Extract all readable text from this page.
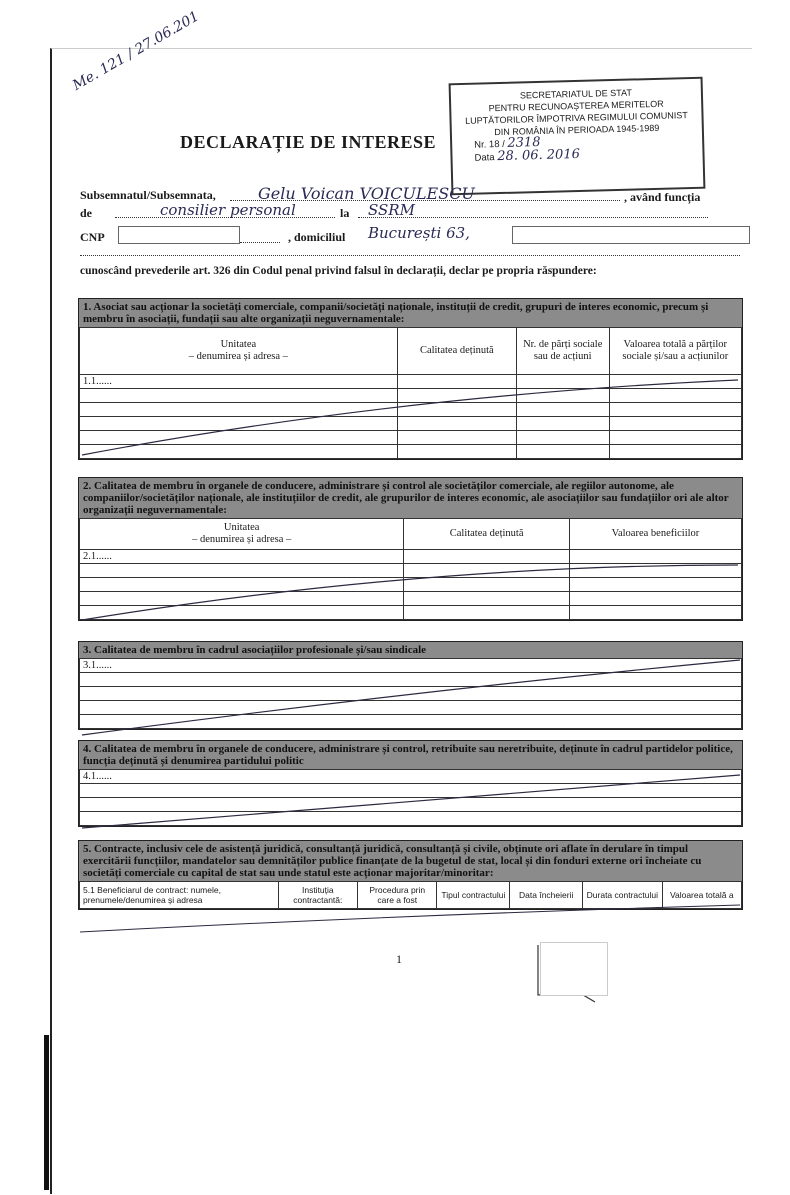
Me. 121 / 27.06.201
SECRETARIATUL DE STAT
PENTRU RECUNOAȘTEREA MERITELOR
LUPTĂTORILOR ÎMPOTRIVA REGIMULUI COMUNIST
DIN ROMÂNIA ÎN PERIOADA 1945-1989
Nr. 18 / 2318
Data 28. 06. 2016
DECLARAȚIE DE INTERESE
Subsemnatul/Subsemnata,	Gelu Voican VOICULESCU	, având funcția
de	consilier personal	la	SSRM
CNP	, domiciliul București 63,
cunoscând prevederile art. 326 din Codul penal privind falsul în declarații, declar pe propria răspundere:
1. Asociat sau acționar la societăți comerciale, companii/societăți naționale, instituții de credit, grupuri de interes economic, precum și membru în asociații, fundații sau alte organizații neguvernamentale:
Unitatea
– denumirea și adresa –	Calitatea deținută	Nr. de părți sociale sau de acțiuni	Valoarea totală a părților sociale și/sau a acțiunilor
1.1......			

2. Calitatea de membru în organele de conducere, administrare și control ale societăților comerciale, ale regiilor autonome, ale companiilor/societăților naționale, ale instituțiilor de credit, ale grupurilor de interes economic, ale asociațiilor sau fundațiilor ori ale altor organizații neguvernamentale:
Unitatea
– denumirea și adresa –	Calitatea deținută	Valoarea beneficiilor
2.1......		

3. Calitatea de membru în cadrul asociațiilor profesionale și/sau sindicale
3.1......

4. Calitatea de membru în organele de conducere, administrare și control, retribuite sau neretribuite, deținute în cadrul partidelor politice, funcția deținută și denumirea partidului politic
4.1......

5. Contracte, inclusiv cele de asistență juridică, consultanță juridică, consultanță și civile, obținute ori aflate în derulare în timpul exercitării funcțiilor, mandatelor sau demnităților publice finanțate de la bugetul de stat, local și din fonduri externe ori încheiate cu societăți comerciale cu capital de stat sau unde statul este acționar majoritar/minoritar:
5.1 Beneficiarul de contract: numele, prenumele/denumirea și adresa	Instituția contractantă:	Procedura prin care a fost	Tipul contractului	Data încheierii	Durata contractului	Valoarea totală a
1
